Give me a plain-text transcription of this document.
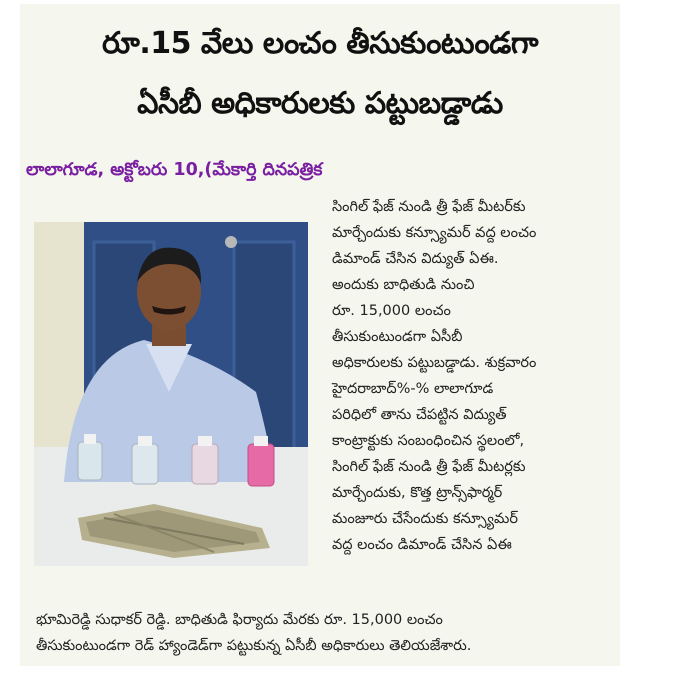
రూ.15 వేలు లంచం తీసుకుంటుండగా
ఏసీబీ అధికారులకు పట్టుబడ్డాడు
లాలాగూడ, అక్టోబరు 10,(మేకార్తి దినపత్రిక
సింగిల్ ఫేజ్ నుండి త్రీ ఫేజ్ మీటర్‌కు
మార్చేందుకు కన్స్యూమర్ వద్ద లంచం
డిమాండ్ చేసిన విద్యుత్ ఏఈ.
అందుకు బాధితుడి నుంచి
రూ. 15,000 లంచం
తీసుకుంటుండగా ఏసీబీ
అధికారులకు పట్టుబడ్డాడు. శుక్రవారం
హైదరాబాద్%-% లాలాగూడ
పరిధిలో తాను చేపట్టిన విద్యుత్
కాంట్రాక్టుకు సంబంధించిన స్థలంలో,
సింగిల్ ఫేజ్ నుండి త్రీ ఫేజ్ మీటర్లకు
మార్చేందుకు, కొత్త ట్రాన్స్‌ఫార్మర్
మంజూరు చేసేందుకు కన్స్యూమర్
వద్ద లంచం డిమాండ్ చేసిన ఏఈ
భూమిరెడ్డి సుధాకర్ రెడ్డి. బాధితుడి ఫిర్యాదు మేరకు రూ. 15,000 లంచం
తీసుకుంటుండగా రెడ్ హ్యాండెడ్‌గా పట్టుకున్న ఏసీబీ అధికారులు తెలియజేశారు.
